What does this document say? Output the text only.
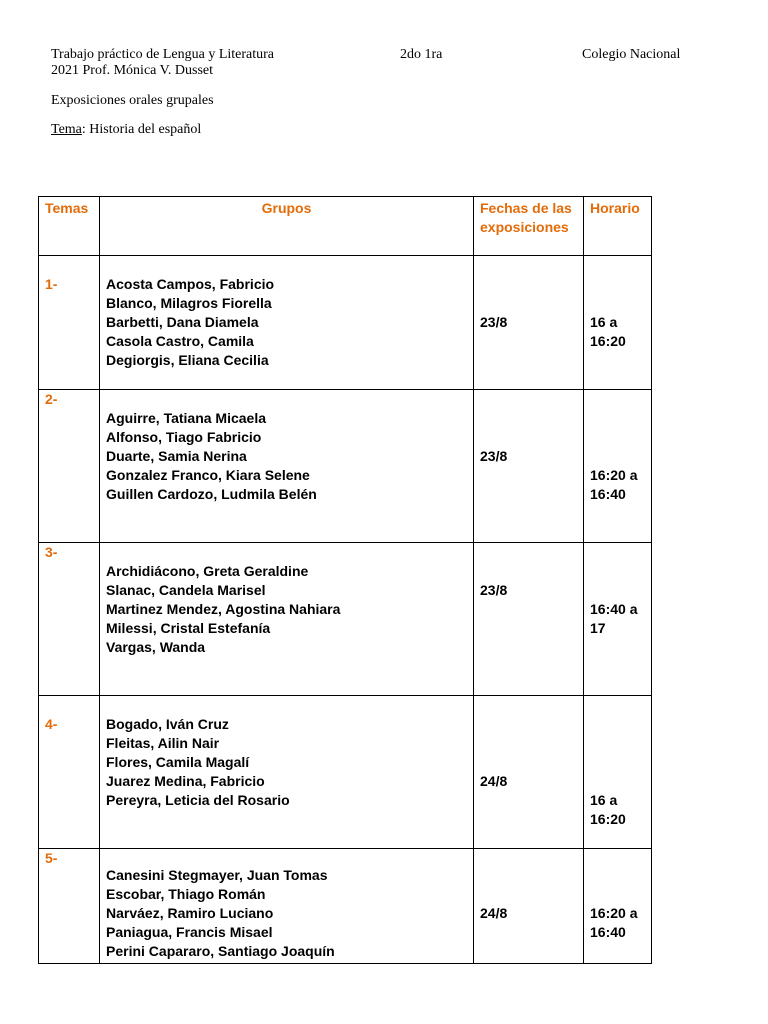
Trabajo práctico de Lengua y Literatura	2do 1ra	Colegio Nacional
2021 Prof. Mónica V. Dusset
Exposiciones orales grupales
Tema: Historia del español
Temas	Grupos	Fechas de las exposiciones	Horario
1-	Acosta Campos, Fabricio
Blanco, Milagros Fiorella
Barbetti, Dana Diamela
Casola Castro, Camila
Degiorgis, Eliana Cecilia	23/8	16 a
16:20

2-	Aguirre, Tatiana Micaela
Alfonso, Tiago Fabricio
Duarte, Samia Nerina
Gonzalez Franco, Kiara Selene
Guillen Cardozo, Ludmila Belén	23/8	16:20 a
16:40

3-	Archidiácono, Greta Geraldine
Slanac, Candela Marisel
Martinez Mendez, Agostina Nahiara
Milessi, Cristal Estefanía
Vargas, Wanda	23/8	16:40 a
17

4-	Bogado, Iván Cruz
Fleitas, Ailin Nair
Flores, Camila Magalí
Juarez Medina, Fabricio
Pereyra, Leticia del Rosario	24/8	16 a
16:20

5-	Canesini Stegmayer, Juan Tomas
Escobar, Thiago Román
Narváez, Ramiro Luciano
Paniagua, Francis Misael
Perini Capararo, Santiago Joaquín	24/8	16:20 a
16:40
